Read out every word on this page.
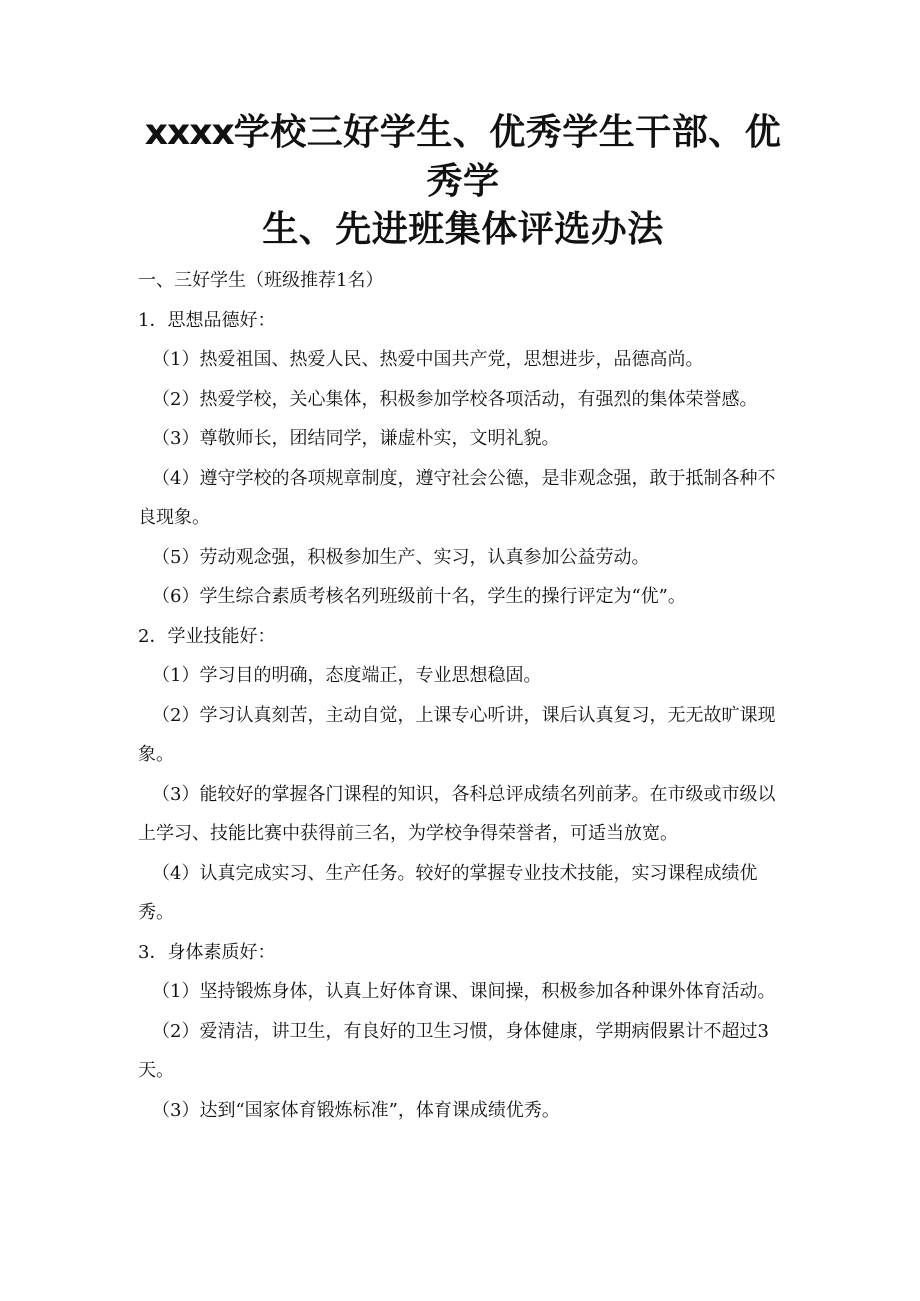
xxxx学校三好学生、优秀学生干部、优秀学
生、先进班集体评选办法

一、三好学生（班级推荐1名）

1．思想品德好：

（1）热爱祖国、热爱人民、热爱中国共产党，思想进步，品德高尚。

（2）热爱学校，关心集体，积极参加学校各项活动，有强烈的集体荣誉感。

（3）尊敬师长，团结同学，谦虚朴实，文明礼貌。

（4）遵守学校的各项规章制度，遵守社会公德，是非观念强，敢于抵制各种不良现象。

（5）劳动观念强，积极参加生产、实习，认真参加公益劳动。

（6）学生综合素质考核名列班级前十名，学生的操行评定为“优”。

2．学业技能好：

（1）学习目的明确，态度端正，专业思想稳固。

（2）学习认真刻苦，主动自觉，上课专心听讲，课后认真复习，无无故旷课现象。

（3）能较好的掌握各门课程的知识，各科总评成绩名列前茅。在市级或市级以上学习、技能比赛中获得前三名，为学校争得荣誉者，可适当放宽。

（4）认真完成实习、生产任务。较好的掌握专业技术技能，实习课程成绩优秀。

3．身体素质好：

（1）坚持锻炼身体，认真上好体育课、课间操，积极参加各种课外体育活动。

（2）爱清洁，讲卫生，有良好的卫生习惯，身体健康，学期病假累计不超过3天。

（3）达到“国家体育锻炼标准”，体育课成绩优秀。
